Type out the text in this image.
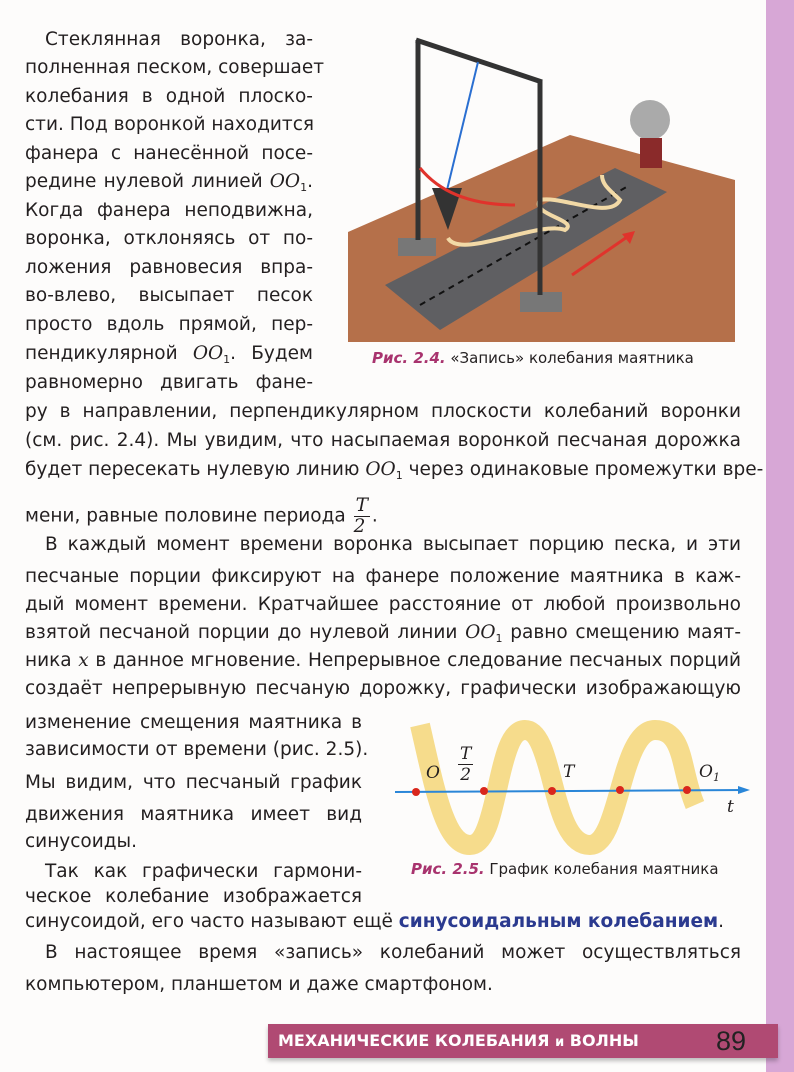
Стеклянная воронка, за-
полненная песком, совершает
колебания в одной плоско-
сти. Под воронкой находится
фанера с нанесённой посе-
редине нулевой линией $OO_1$.
Когда фанера неподвижна,
воронка, отклоняясь от по-
ложения равновесия впра-
во-влево, высыпает песок
просто вдоль прямой, пер-
пендикулярной $OO_1$. Будем
равномерно двигать фане-
ру в направлении, перпендикулярном плоскости колебаний воронки
(см. рис. 2.4). Мы увидим, что насыпаемая воронкой песчаная дорожка
будет пересекать нулевую линию $OO_1$ через одинаковые промежутки вре-
мени, равные половине периода $\frac{T}{2}$ .
В каждый момент времени воронка высыпает порцию песка, и эти
песчаные порции фиксируют на фанере положение маятника в каж-
дый момент времени. Кратчайшее расстояние от любой произвольно
взятой песчаной порции до нулевой линии $OO_1$ равно смещению маят-
ника x в данное мгновение. Непрерывное следование песчаных порций
создаёт непрерывную песчаную дорожку, графически изображающую
изменение смещения маятника в
зависимости от времени (рис. 2.5).
Мы видим, что песчаный график
движения маятника имеет вид
синусоиды.
Так как графически гармони-
ческое колебание изображается
синусоидой, его часто называют ещё синусоидальным колебанием.
В настоящее время «запись» колебаний может осуществляться
компьютером, планшетом и даже смартфоном.
Рис. 2.4. «Запись» колебания маятника
O $\frac{T}{2}$	T	$O_1$
t
Рис. 2.5. График колебания маятника
МЕХАНИЧЕСКИЕ КОЛЕБАНИЯ и ВОЛНЫ	89
